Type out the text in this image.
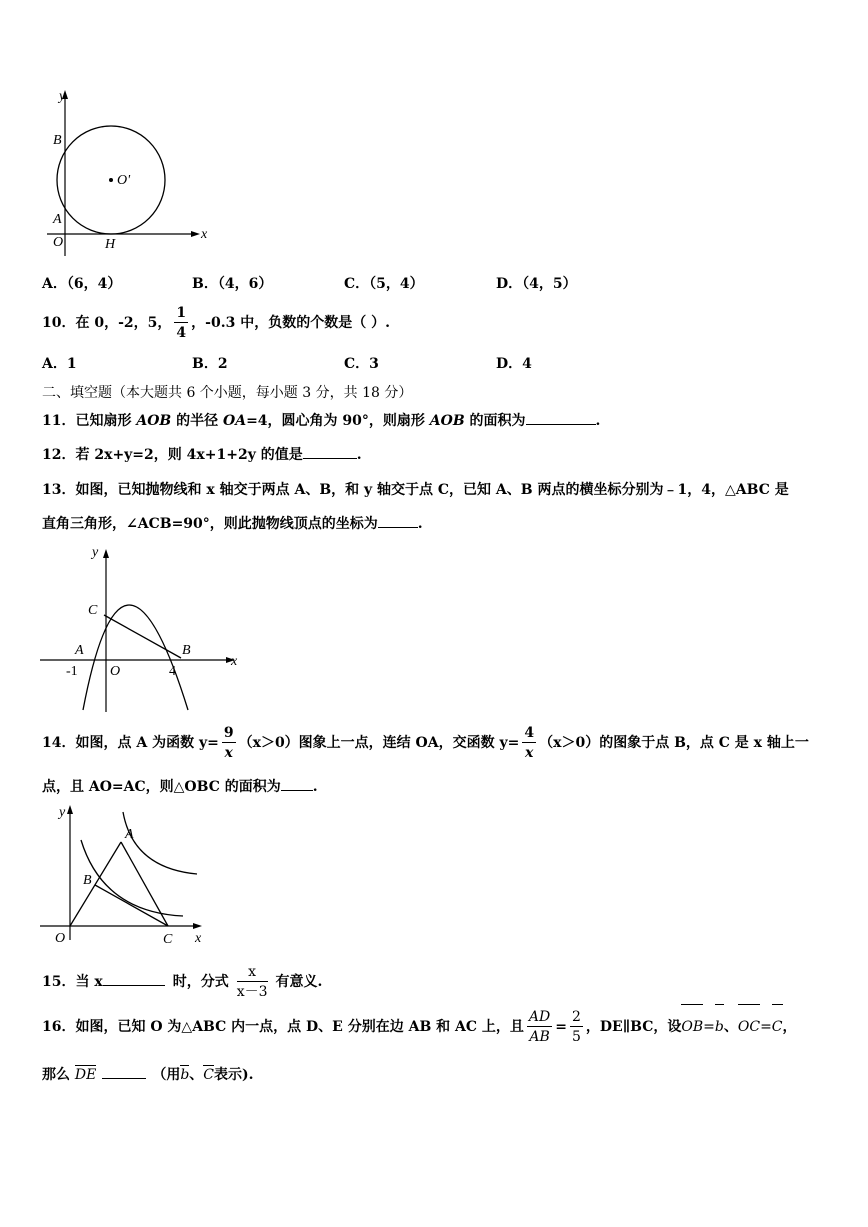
y
x
B
O'
A
O	H
A．（6，4）	B．（4，6）	C．（5，4）	D．（4，5）
10．在 0，-2，5， $\frac{1}{4}$ ，-0.3 中，负数的个数是（ ）.
A．1	B．2	C．3	D．4
二、填空题（本大题共 6 个小题，每小题 3 分，共 18 分）
11．已知扇形 AOB 的半径 OA=4，圆心角为 90°，则扇形 AOB 的面积为	.
12．若 2x+y=2，则 4x+1+2y 的值是	.
13．如图，已知抛物线和 x 轴交于两点 A、B，和 y 轴交于点 C，已知 A、B 两点的横坐标分别为﹣1，4，△ABC 是
直角三角形，∠ACB=90°，则此抛物线顶点的坐标为	.
y
x
C
A	B
-1 O	4
14．如图，点 A 为函数 $y= \frac{9}{x} (x>0)$图象上一点，连结 OA，交函数 $y= \frac{4}{x} (x>0)$的图象于点 B，点 C 是 x 轴上一
点，且 AO=AC，则△OBC 的面积为 .
y
A
B
O	C x
15．当 x	时，分式 $\frac{x}{x-3}$ 有意义.
16．如图，已知 O 为△ABC 内一点，点 D、E 分别在边 AB 和 AC 上，且 $\frac{AD}{AB} = \frac{2}{5}$ ，DE∥BC，设OB=b、OC=C，
那么 DE	（用b、C表示).
